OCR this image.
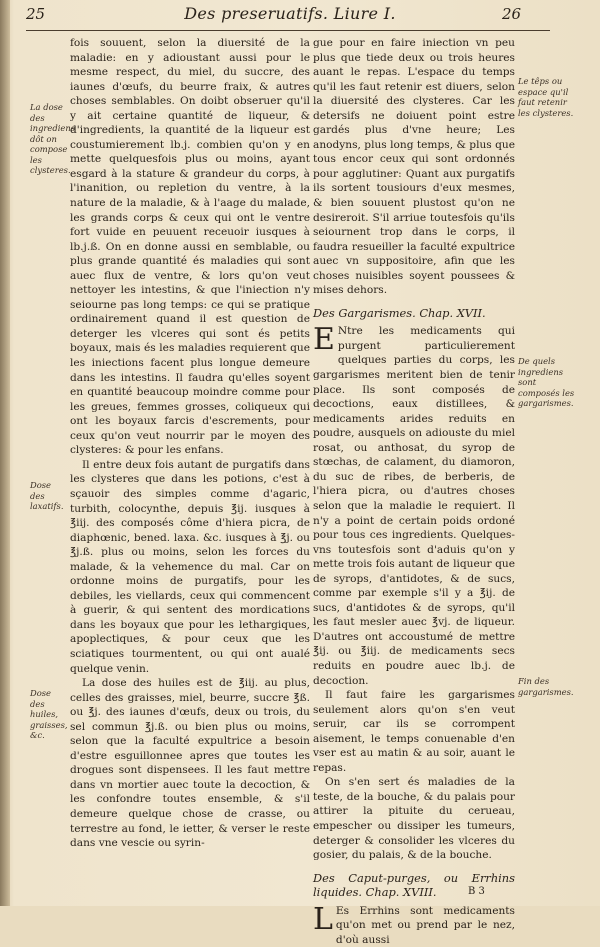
25	Des preseruatifs. Liure I.	26
La dose des ingrediens dôt on compose les clysteres.
Dose des laxatifs.
Dose des huiles, graisses, &c.
Le têps ou espace qu'il faut retenir les clysteres.
De quels ingrediens sont composés les gargarismes.
Fin des gargarismes.

fois souuent, selon la diuersité de la maladie: en y adioustant aussi pour le mesme respect, du miel, du succre, des iaunes d'œufs, du beurre fraix, & autres choses semblables. On doibt obseruer qu'il y ait certaine quantité de liqueur, & d'ingredients, la quantité de la liqueur est coustumierement lb.j. combien qu'on y en mette quelquesfois plus ou moins, ayant esgard à la stature & grandeur du corps, à l'inanition, ou repletion du ventre, à la nature de la maladie, & à l'aage du malade, les grands corps & ceux qui ont le ventre fort vuide en peuuent receuoir iusques à lb.j.ß. On en donne aussi en semblable, ou plus grande quantité és maladies qui sont auec flux de ventre, & lors qu'on veut nettoyer les intestins, & que l'iniection n'y seiourne pas long temps: ce qui se pratique ordinairement quand il est question de deterger les vlceres qui sont és petits boyaux, mais és les maladies requierent que les iniections facent plus longue demeure dans les intestins. Il faudra qu'elles soyent en quantité beaucoup moindre comme pour les greues, femmes grosses, coliqueux qui ont les boyaux farcis d'escrements, pour ceux qu'on veut nourrir par le moyen des clysteres: & pour les enfans.

Il entre deux fois autant de purgatifs dans les clysteres que dans les potions, c'est à sçauoir des simples comme d'agaric, turbith, colocynthe, depuis ℥ij. iusques à ℥iij. des composés côme d'hiera picra, de diaphœnic, bened. laxa. &c. iusques à ℥j. ou ℥j.ß. plus ou moins, selon les forces du malade, & la vehemence du mal. Car on ordonne moins de purgatifs, pour les debiles, les viellards, ceux qui commencent à guerir, & qui sentent des mordications dans les boyaux que pour les lethargiques, apoplectiques, & pour ceux que les sciatiques tourmentent, ou qui ont aualé quelque venin.

La dose des huiles est de ℥iij. au plus, celles des graisses, miel, beurre, succre ℥ß. ou ℥j. des iaunes d'œufs, deux ou trois, du sel commun ℥j.ß. ou bien plus ou moins, selon que la faculté expultrice a besoin d'estre esguillonnee apres que toutes les drogues sont dispensees. Il les faut mettre dans vn mortier auec toute la decoction, & les confondre toutes ensemble, & s'il demeure quelque chose de crasse, ou terrestre au fond, le ietter, & verser le reste dans vne vescie ou syrin-

gue pour en faire iniection vn peu plus que tiede deux ou trois heures auant le repas. L'espace du temps qu'il les faut retenir est diuers, selon la diuersité des clysteres. Car les detersifs ne doiuent point estre gardés plus d'vne heure; Les anodyns, plus long temps, & plus que tous encor ceux qui sont ordonnés pour agglutiner: Quant aux purgatifs ils sortent tousiours d'eux mesmes, & bien souuent plustost qu'on ne desireroit. S'il arriue toutesfois qu'ils seiournent trop dans le corps, il faudra resueiller la faculté expultrice auec vn suppositoire, afin que les choses nuisibles soyent poussees & mises dehors.

Des Gargarismes. Chap. XVII.

E Ntre les medicaments qui purgent particulierement quelques parties du corps, les gargarismes meritent bien de tenir place. Ils sont composés de decoctions, eaux distillees, & medicaments arides reduits en poudre, ausquels on adiouste du miel rosat, ou anthosat, du syrop de stœchas, de calament, du diamoron, du suc de ribes, de berberis, de l'hiera picra, ou d'autres choses selon que la maladie le requiert. Il n'y a point de certain poids ordoné pour tous ces ingredients. Quelques-vns toutesfois sont d'aduis qu'on y mette trois fois autant de liqueur que de syrops, d'antidotes, & de sucs, comme par exemple s'il y a ℥ij. de sucs, d'antidotes & de syrops, qu'il les faut mesler auec ℥vj. de liqueur. D'autres ont accoustumé de mettre ℥ij. ou ℥iij. de medicaments secs reduits en poudre auec lb.j. de decoction.

Il faut faire les gargarismes seulement alors qu'on s'en veut seruir, car ils se corrompent aisement, le temps conuenable d'en vser est au matin & au soir, auant le repas.

On s'en sert és maladies de la teste, de la bouche, & du palais pour attirer la pituite du cerueau, empescher ou dissiper les tumeurs, deterger & consolider les vlceres du gosier, du palais, & de la bouche.

Des Caput-purges, ou Errhins liquides. Chap. XVIII.

L Es Errhins sont medicaments qu'on met ou prend par le nez, d'où aussi

B 3
